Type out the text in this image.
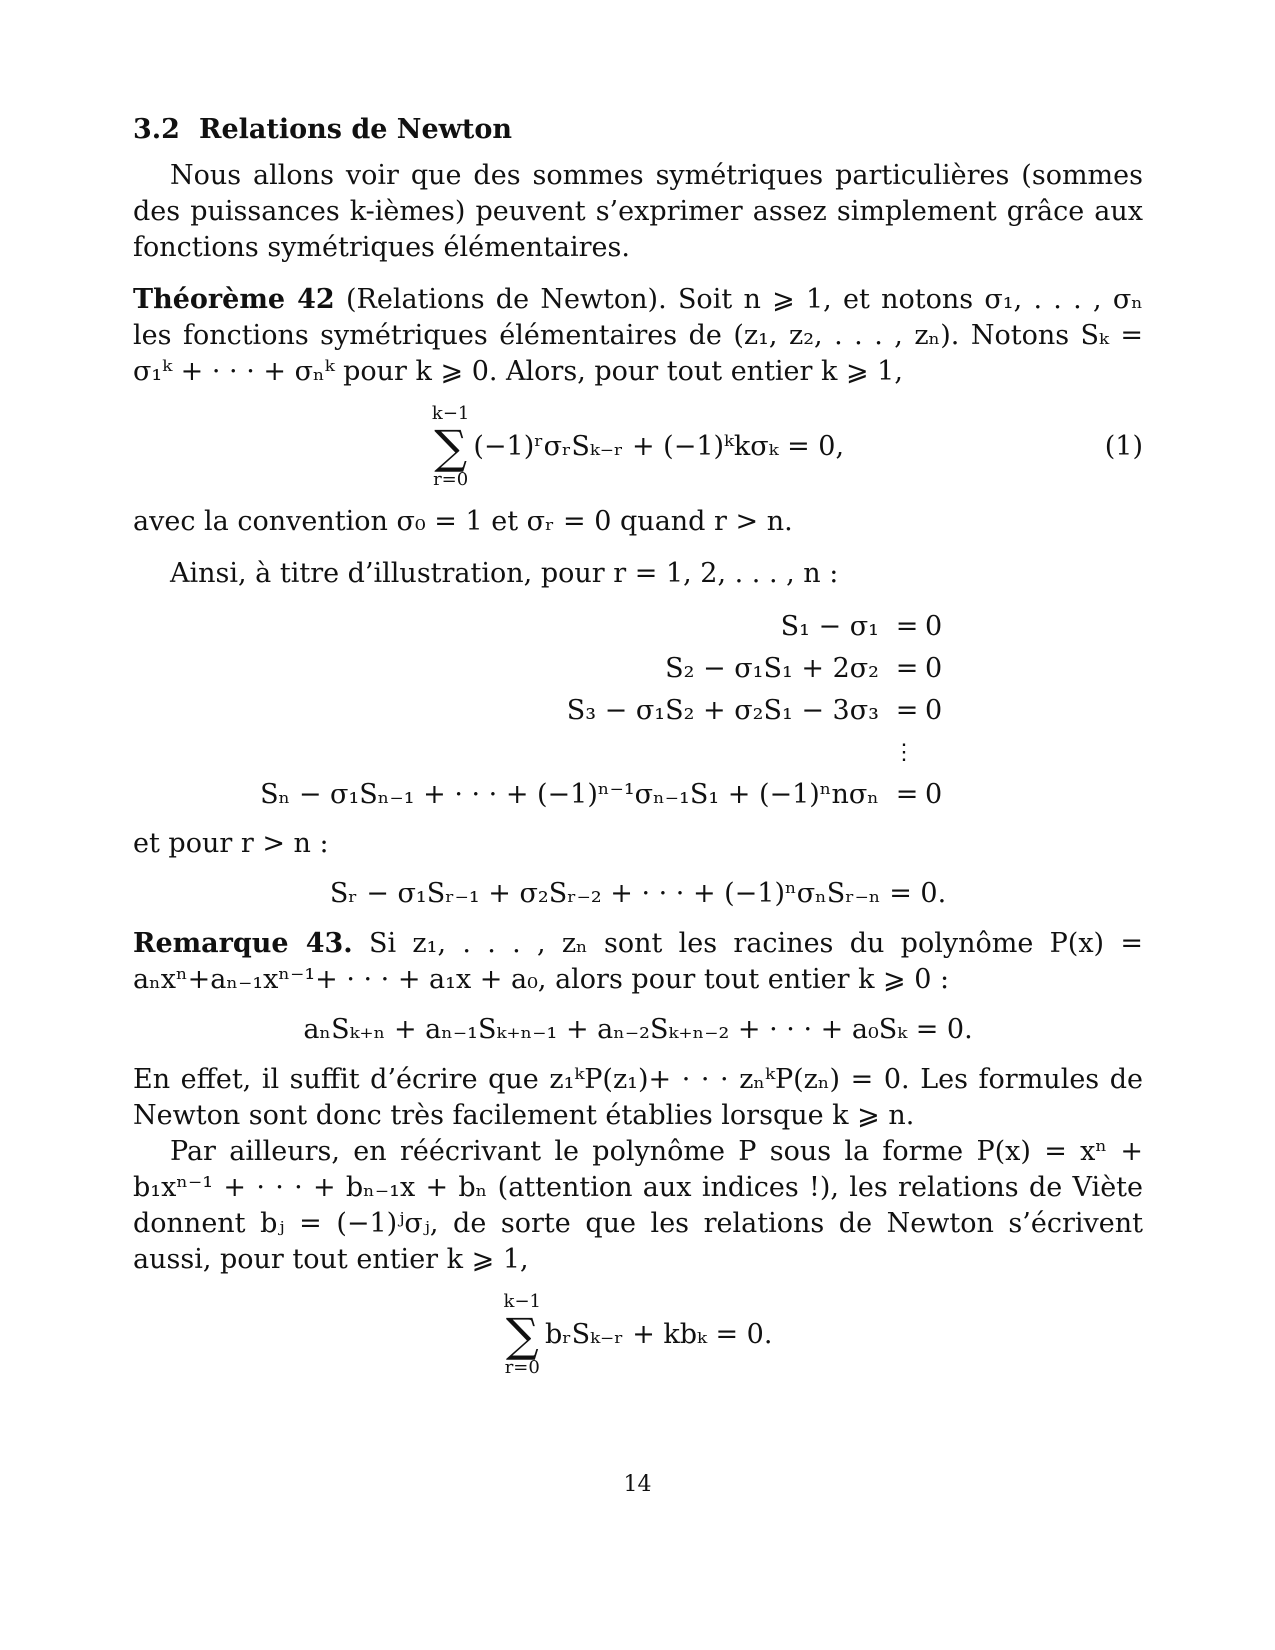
3.2 Relations de Newton

Nous allons voir que des sommes symétriques particulières (sommes des puissances k-ièmes) peuvent s’exprimer assez simplement grâce aux fonctions symétriques élémentaires.

Théorème 42 (Relations de Newton). Soit n ⩾ 1, et notons σ₁, . . . , σₙ les fonctions symétriques élémentaires de (z₁, z₂, . . . , zₙ). Notons Sₖ = σ₁ᵏ + · · · + σₙᵏ pour k ⩾ 0. Alors, pour tout entier k ⩾ 1,

k−1
∑
r=0
(−1)ʳσᵣSₖ₋ᵣ + (−1)ᵏkσₖ = 0,	(1)

avec la convention σ₀ = 1 et σᵣ = 0 quand r > n.

Ainsi, à titre d’illustration, pour r = 1, 2, . . . , n :

S₁ − σ₁ = 0
S₂ − σ₁S₁ + 2σ₂ = 0
S₃ − σ₁S₂ + σ₂S₁ − 3σ₃ = 0
⋮
Sₙ − σ₁Sₙ₋₁ + · · · + (−1)ⁿ⁻¹σₙ₋₁S₁ + (−1)ⁿnσₙ = 0

et pour r > n :

Sᵣ − σ₁Sᵣ₋₁ + σ₂Sᵣ₋₂ + · · · + (−1)ⁿσₙSᵣ₋ₙ = 0.

Remarque 43. Si z₁, . . . , zₙ sont les racines du polynôme P(x) = aₙxⁿ+aₙ₋₁xⁿ⁻¹+ · · · + a₁x + a₀, alors pour tout entier k ⩾ 0 :

aₙSₖ₊ₙ + aₙ₋₁Sₖ₊ₙ₋₁ + aₙ₋₂Sₖ₊ₙ₋₂ + · · · + a₀Sₖ = 0.

En effet, il suffit d’écrire que z₁ᵏP(z₁)+ · · · zₙᵏP(zₙ) = 0. Les formules de Newton sont donc très facilement établies lorsque k ⩾ n.

Par ailleurs, en réécrivant le polynôme P sous la forme P(x) = xⁿ + b₁xⁿ⁻¹ + · · · + bₙ₋₁x + bₙ (attention aux indices !), les relations de Viète donnent bⱼ = (−1)ʲσⱼ, de sorte que les relations de Newton s’écrivent aussi, pour tout entier k ⩾ 1,

k−1
∑
r=0
bᵣSₖ₋ᵣ + kbₖ = 0.
14
